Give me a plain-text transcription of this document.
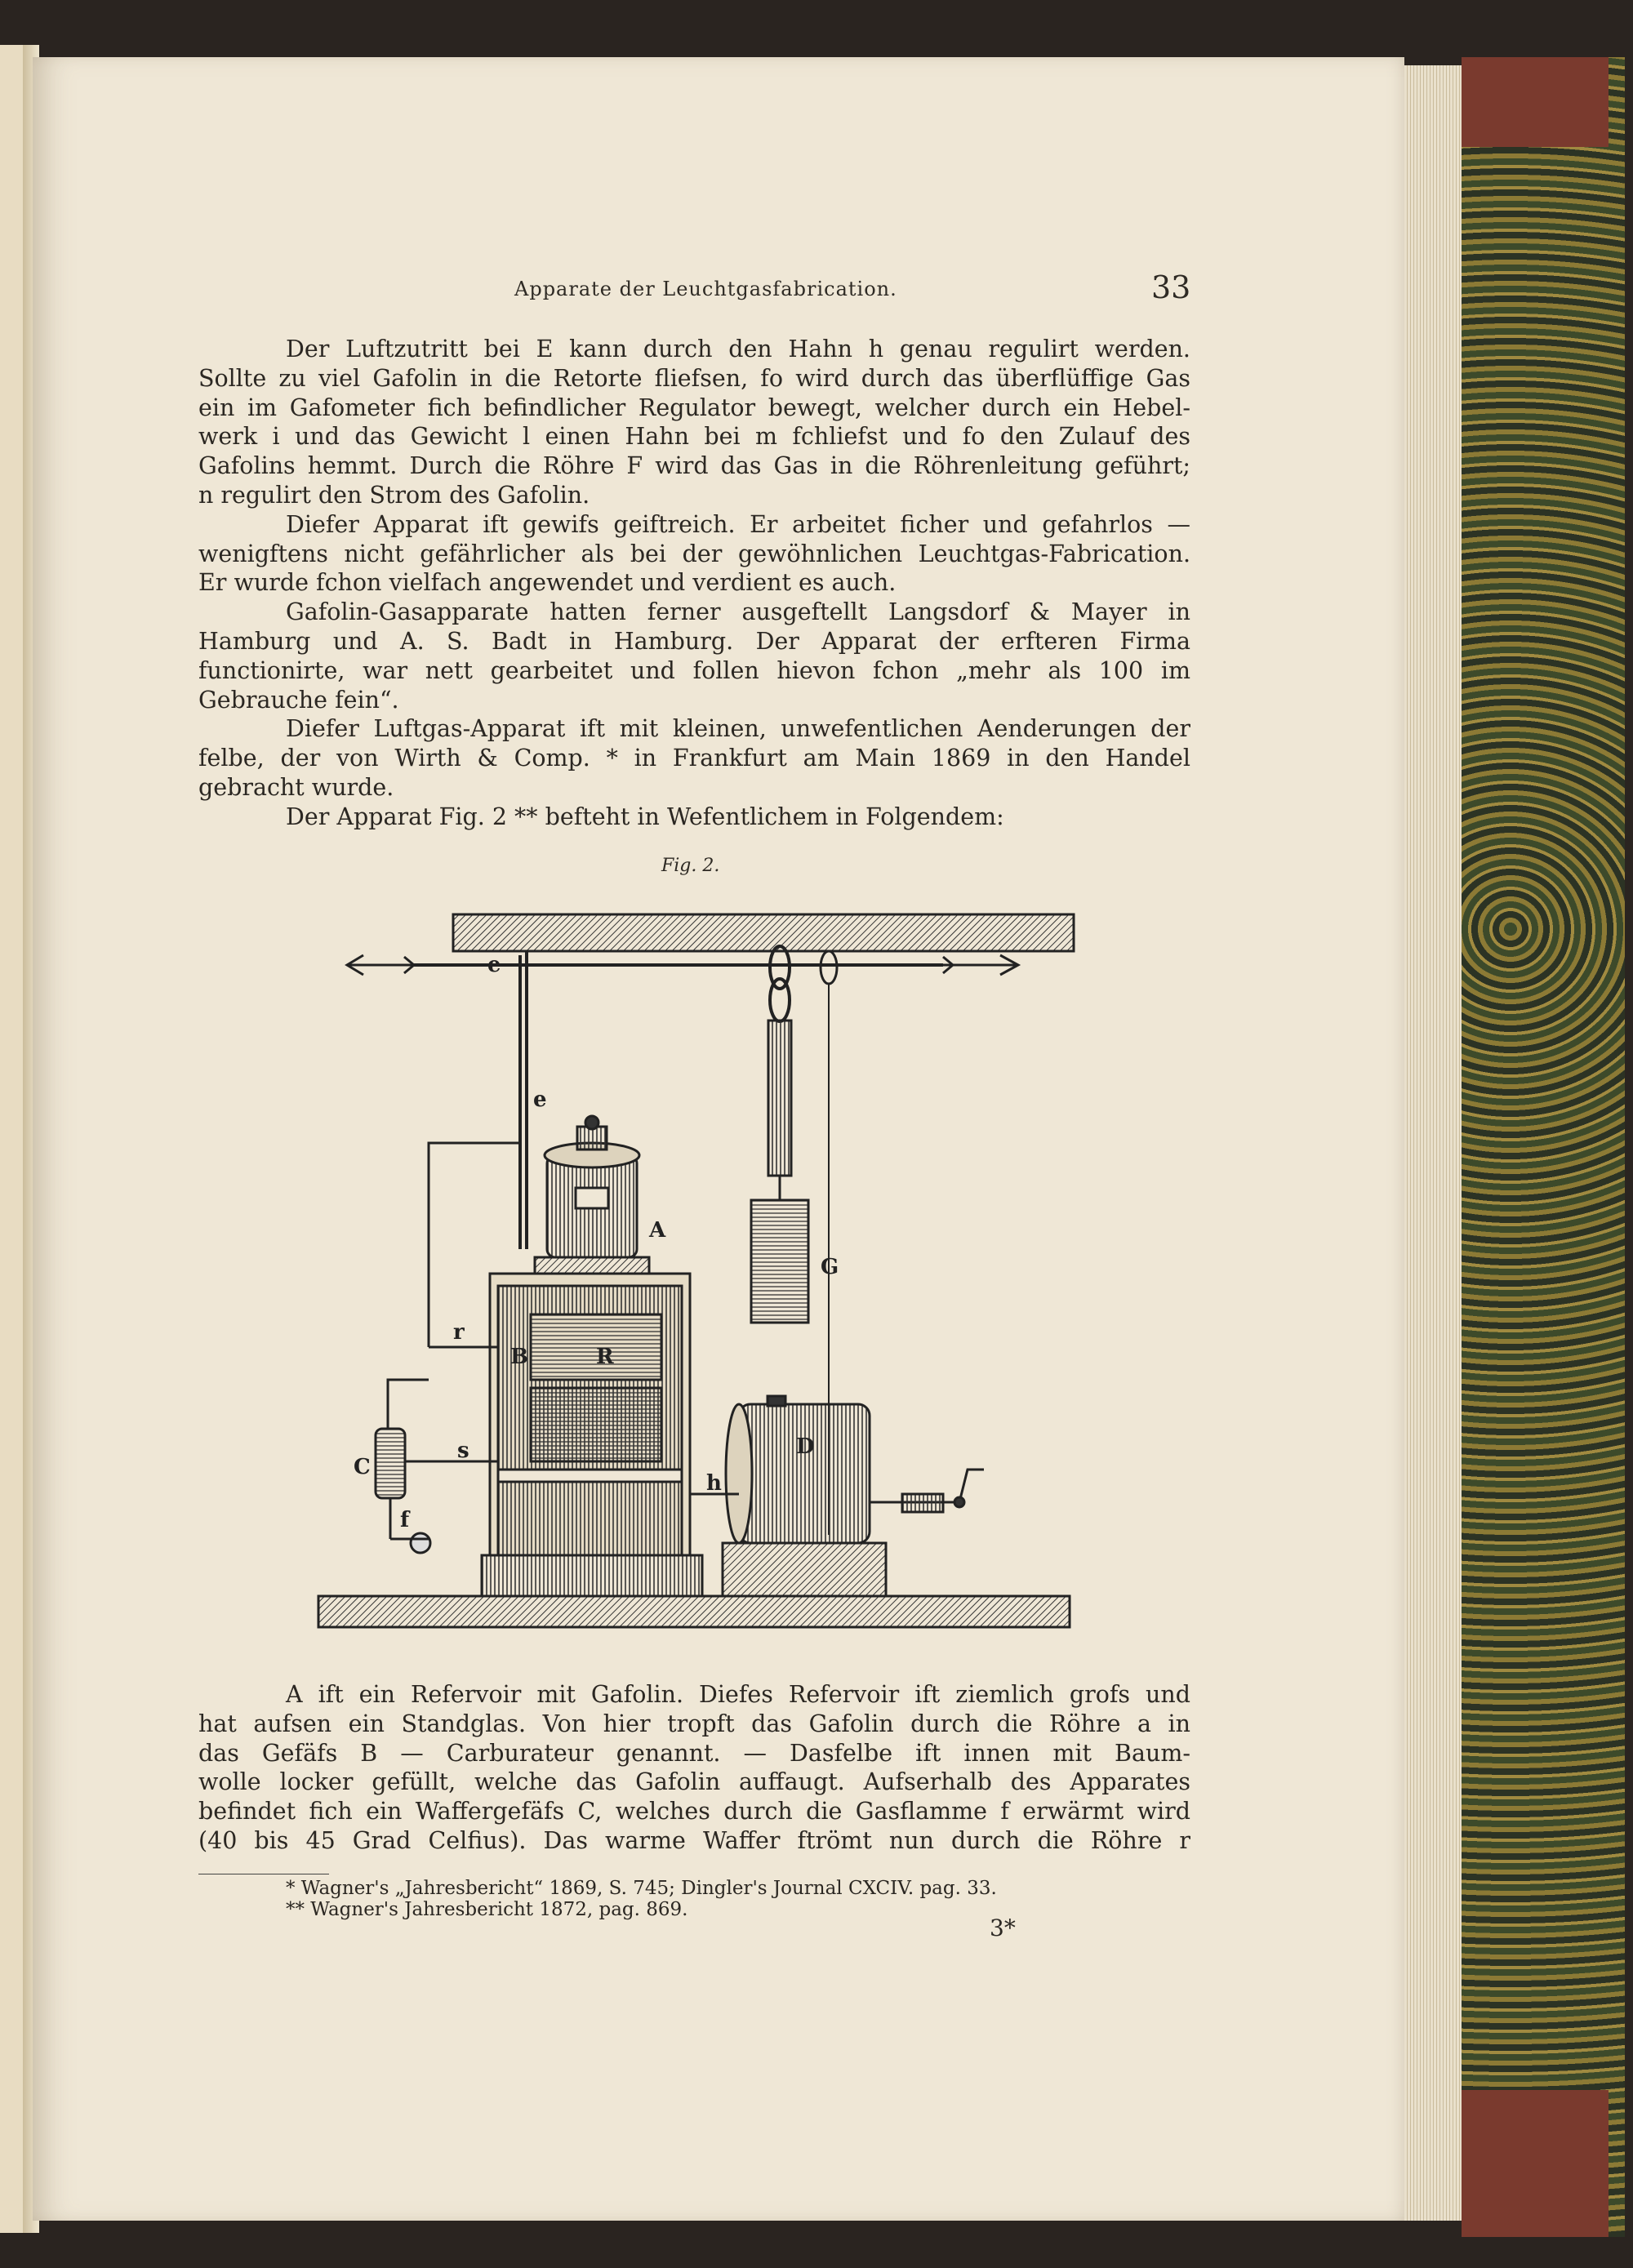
Apparate der Leuchtgasfabrication.	33
Der Luftzutritt bei E kann durch den Hahn h genau regulirt werden.
Sollte zu viel Gafolin in die Retorte fliefsen, fo wird durch das überflüffige Gas
ein im Gafometer fich befindlicher Regulator bewegt, welcher durch ein Hebel-
werk i und das Gewicht l einen Hahn bei m fchliefst und fo den Zulauf des
Gafolins hemmt. Durch die Röhre F wird das Gas in die Röhrenleitung geführt;
n regulirt den Strom des Gafolin.
Diefer Apparat ift gewifs geiftreich. Er arbeitet ficher und gefahrlos —
wenigftens nicht gefährlicher als bei der gewöhnlichen Leuchtgas-Fabrication.
Er wurde fchon vielfach angewendet und verdient es auch.
Gafolin-Gasapparate hatten ferner ausgeftellt Langsdorf & Mayer in
Hamburg und A. S. Badt in Hamburg. Der Apparat der erfteren Firma
functionirte, war nett gearbeitet und follen hievon fchon „mehr als 100 im
Gebrauche fein“.
Diefer Luftgas-Apparat ift mit kleinen, unwefentlichen Aenderungen der
felbe, der von Wirth & Comp. * in Frankfurt am Main 1869 in den Handel
gebracht wurde.
Der Apparat Fig. 2 ** befteht in Wefentlichem in Folgendem:
Fig. 2.
e
e
G
A
B	R
C
r
f
s	D
h
A ift ein Refervoir mit Gafolin. Diefes Refervoir ift ziemlich grofs und
hat aufsen ein Standglas. Von hier tropft das Gafolin durch die Röhre a in
das Gefäfs B — Carburateur genannt. — Dasfelbe ift innen mit Baum-
wolle locker gefüllt, welche das Gafolin auffaugt. Aufserhalb des Apparates
befindet fich ein Waffergefäfs C, welches durch die Gasflamme f erwärmt wird
(40 bis 45 Grad Celfius). Das warme Waffer ftrömt nun durch die Röhre r
* Wagner's „Jahresbericht“ 1869, S. 745; Dingler's Journal CXCIV. pag. 33.
** Wagner's Jahresbericht 1872, pag. 869.
3*
